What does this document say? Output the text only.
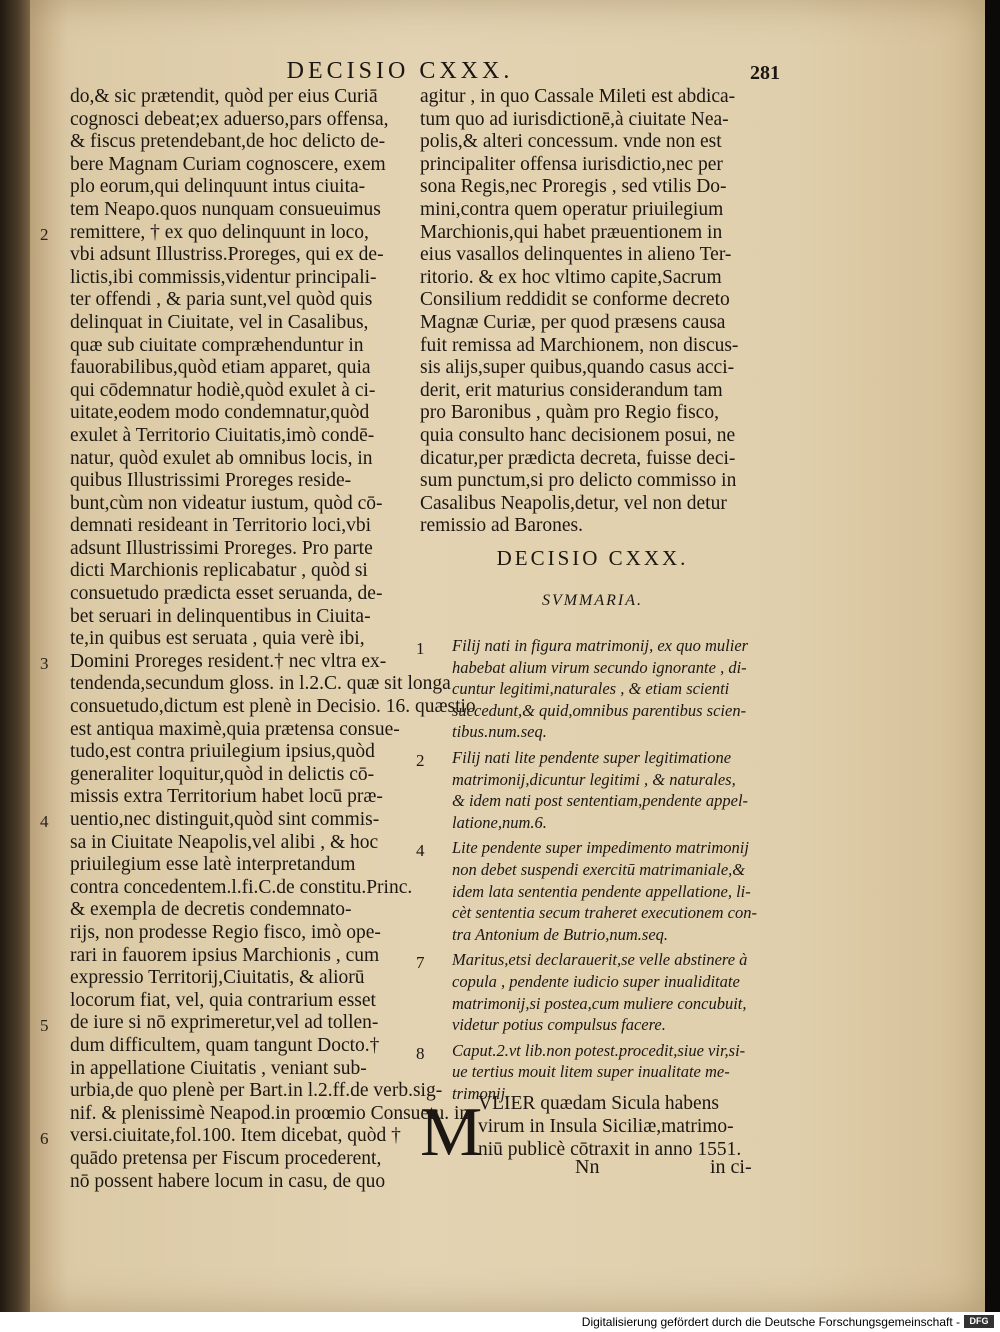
DECISIO CXXX.	281
do,& sic prætendit, quòd per eius Curiā
cognosci debeat;ex aduerso,pars offensa,
& fiscus pretendebant,de hoc delicto de-
bere Magnam Curiam cognoscere, exem
plo eorum,qui delinquunt intus ciuita-
tem Neapo.quos nunquam consueuimus
remittere, † ex quo delinquunt in loco,
vbi adsunt Illustriss.Proreges, qui ex de-
lictis,ibi commissis,videntur principali-
ter offendi , & paria sunt,vel quòd quis
delinquat in Ciuitate, vel in Casalibus,
quæ sub ciuitate compræhenduntur in
fauorabilibus,quòd etiam apparet, quia
qui cōdemnatur hodiè,quòd exulet à ci-
uitate,eodem modo condemnatur,quòd
exulet à Territorio Ciuitatis,imò condē-
natur, quòd exulet ab omnibus locis, in
quibus Illustrissimi Proreges reside-
bunt,cùm non videatur iustum, quòd cō-
demnati resideant in Territorio loci,vbi
adsunt Illustrissimi Proreges. Pro parte
dicti Marchionis replicabatur , quòd si
consuetudo prædicta esset seruanda, de-
bet seruari in delinquentibus in Ciuita-
te,in quibus est seruata , quia verè ibi,
Domini Proreges resident.† nec vltra ex-
tendenda,secundum gloss. in l.2.C. quæ sit longa
consuetudo,dictum est plenè in Decisio. 16. quæstio
est antiqua maximè,quia prætensa consue-
tudo,est contra priuilegium ipsius,quòd
generaliter loquitur,quòd in delictis cō-
missis extra Territorium habet locū præ-
uentio,nec distinguit,quòd sint commis-
sa in Ciuitate Neapolis,vel alibi , & hoc
priuilegium esse latè interpretandum
contra concedentem.l.fi.C.de constitu.Princ.
& exempla de decretis condemnato-
rijs, non prodesse Regio fisco, imò ope-
rari in fauorem ipsius Marchionis , cum
expressio Territorij,Ciuitatis, & aliorū
locorum fiat, vel, quia contrarium esset
de iure si nō exprimeretur,vel ad tollen-
dum difficultem, quam tangunt Docto.†
in appellatione Ciuitatis , veniant sub-
urbia,de quo plenè per Bart.in l.2.ff.de verb.sig-
nif. & plenissimè Neapod.in proœmio Consuetu. in
versi.ciuitate,fol.100. Item dicebat, quòd †
quādo pretensa per Fiscum procederent,
nō possent habere locum in casu, de quo
2
3
4
5
6
agitur , in quo Cassale Mileti est abdica-
tum quo ad iurisdictionē,à ciuitate Nea-
polis,& alteri concessum. vnde non est
principaliter offensa iurisdictio,nec per
sona Regis,nec Proregis , sed vtilis Do-
mini,contra quem operatur priuilegium
Marchionis,qui habet præuentionem in
eius vasallos delinquentes in alieno Ter-
ritorio. & ex hoc vltimo capite,Sacrum
Consilium reddidit se conforme decreto
Magnæ Curiæ, per quod præsens causa
fuit remissa ad Marchionem, non discus-
sis alijs,super quibus,quando casus acci-
derit, erit maturius considerandum tam
pro Baronibus , quàm pro Regio fisco,
quia consulto hanc decisionem posui, ne
dicatur,per prædicta decreta, fuisse deci-
sum punctum,si pro delicto commisso in
Casalibus Neapolis,detur, vel non detur
remissio ad Barones.
DECISIO CXXX.
SVMMARIA.
1	Filij nati in figura matrimonij, ex quo mulier
habebat alium virum secundo ignorante , di-
cuntur legitimi,naturales , & etiam scienti
succedunt,& quid,omnibus parentibus scien-
tibus.num.seq.
2	Filij nati lite pendente super legitimatione
matrimonij,dicuntur legitimi , & naturales,
& idem nati post sententiam,pendente appel-
latione,num.6.
4	Lite pendente super impedimento matrimonij
non debet suspendi exercitū matrimaniale,&
idem lata sententia pendente appellatione, li-
cèt sententia secum traheret executionem con-
tra Antonium de Butrio,num.seq.
7	Maritus,etsi declarauerit,se velle abstinere à
copula , pendente iudicio super inualiditate
matrimonij,si postea,cum muliere concubuit,
videtur potius compulsus facere.
8	Caput.2.vt lib.non potest.procedit,siue vir,si-
ue tertius mouit litem super inualitate me-
trimonij.
M
VLIER quædam Sicula habens
virum in Insula Siciliæ,matrimo-
niū publicè cōtraxit in anno 1551.
Nn	in ci-
Digitalisierung gefördert durch die Deutsche Forschungsgemeinschaft -	DFG
